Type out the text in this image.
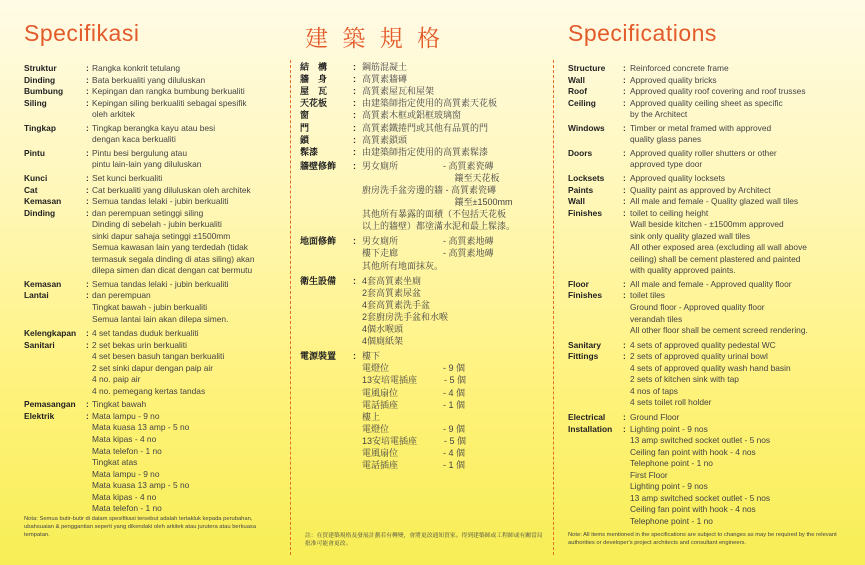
Specifikasi
Struktur	: Rangka konkrit tetulang
Dinding	: Bata berkualiti yang diluluskan
Bumbung	: Kepingan dan rangka bumbung berkualiti
Siling	: Kepingan siling berkualiti sebagai spesifik
oleh arkitek
Tingkap	: Tingkap berangka kayu atau besi
dengan kaca berkualiti
Pintu	: Pintu besi bergulung atau
pintu lain-lain yang diluluskan
Kunci	: Set kunci berkualiti
Cat	: Cat berkualiti yang diluluskan oleh architek
Kemasan	: Semua tandas lelaki - jubin berkualiti
Dinding	: dan perempuan setinggi siling
Dinding di sebelah - jubin berkualiti
sinki dapur sahaja setinggi ±1500mm
Semua kawasan lain yang terdedah (tidak
termasuk segala dinding di atas siling) akan
dilepa simen dan dicat dengan cat bermutu
Kemasan	: Semua tandas lelaki - jubin berkualiti
Lantai	: dan perempuan
Tingkat bawah - jubin berkualiti
Semua lantai lain akan dilepa simen.
Kelengkapan : 4 set tandas duduk berkualiti
Sanitari	: 2 set bekas urin berkualiti
4 set besen basuh tangan berkualiti
2 set sinki dapur dengan paip air
4 no. paip air
4 no. pemegang kertas tandas
Pemasangan : Tingkat bawah
Elektrik	: Mata lampu - 9 no
Mata kuasa 13 amp - 5 no
Mata kipas - 4 no
Mata telefon - 1 no
Tingkat atas
Mata lampu - 9 no
Mata kuasa 13 amp - 5 no
Mata kipas - 4 no
Mata telefon - 1 no
Nota: Semua butir-butir di dalam spesifikasi tersebut adalah tertakluk kepada perubahan, ubahsuaian & penggantian seperti yang dikendaki oleh arkitek atau jurutera atau berkuasa tempatan.
建 築 規 格
結　構	: 鋼筋混凝土
牆　身	: 高質素牆磚
屋　瓦	: 高質素屋瓦和屋架
天花板	: 由建築師指定使用的高質素天花板
窗	: 高質素木框或鋁框玻璃窗
門	: 高質素鐵捲門或其他有品質的門
鎖	: 高質素鎖頭
髹漆	: 由建築師指定使用的高質素髹漆
牆壁修飾 : 男女廁所　　　　　- 高質素瓷磚
　　　　　　　　　　 鑲至天花板
廚房洗手盆旁邊的牆 - 高質素瓷磚
　　　　　　　　　　 鑲至±1500mm
其他所有暴露的面積（不包括天花板
以上的牆壁）都塗滿水泥和最上髹漆。
地面修飾 : 男女廁所　　　　　- 高質素地磚
樓下走廊　　　　　- 高質素地磚
其他所有地面抹灰。
衛生設備 : 4套高質素坐廁
2套高質素尿盆
4套高質素洗手盆
2套廚房洗手盆和水喉
4個水喉頭
4個廁紙架
電源裝置 : 樓下
電燈位　　　　　　- 9 個
13安培電插座　　　- 5 個
電風扇位　　　　　- 4 個
電話插座　　　　　- 1 個
樓上
電燈位　　　　　　- 9 個
13安培電插座　　　- 5 個
電風扇位　　　　　- 4 個
電話插座　　　　　- 1 個
註：在買建築規格及發展計劃若有轉變，會將更改通知買家。得到建築師或工程師或有關當局批准可能會更改。
Specifications
Structure : Reinforced concrete frame
Wall	: Approved quality bricks
Roof	: Approved quality roof covering and roof trusses
Ceiling	: Approved quality ceiling sheet as specific
by the Architect
Windows : Timber or metal framed with approved
quality glass panes
Doors	: Approved quality roller shutters or other
approved type door
Locksets : Approved quality locksets
Paints	: Quality paint as approved by Architect
Wall	: All male and female - Quality glazed wall tiles
Finishes	: toilet to ceiling height
Wall beside kitchen - ±1500mm approved
sink only quality glazed wall tiles
All other exposed area (excluding all wall above
ceiling) shall be cement plastered and painted
with quality approved paints.
Floor	: All male and female - Approved quality floor
Finishes	: toilet tiles
Ground floor - Approved quality floor
verandah tiles
All other floor shall be cement screed rendering.
Sanitary	: 4 sets of approved quality pedestal WC
Fittings	: 2 sets of approved quality urinal bowl
4 sets of approved quality wash hand basin
2 sets of kitchen sink with tap
4 nos of taps
4 sets toilet roll holder
Electrical : Ground Floor
Installation : Lighting point - 9 nos
13 amp switched socket outlet - 5 nos
Ceiling fan point with hook - 4 nos
Telephone point - 1 no
First Floor
Lighting point - 9 nos
13 amp switched socket outlet - 5 nos
Ceiling fan point with hook - 4 nos
Telephone point - 1 no
Note: All items mentioned in the specifications are subject to changes as may be required by the relevant authorities or developer's project architects and consultant engineers.
